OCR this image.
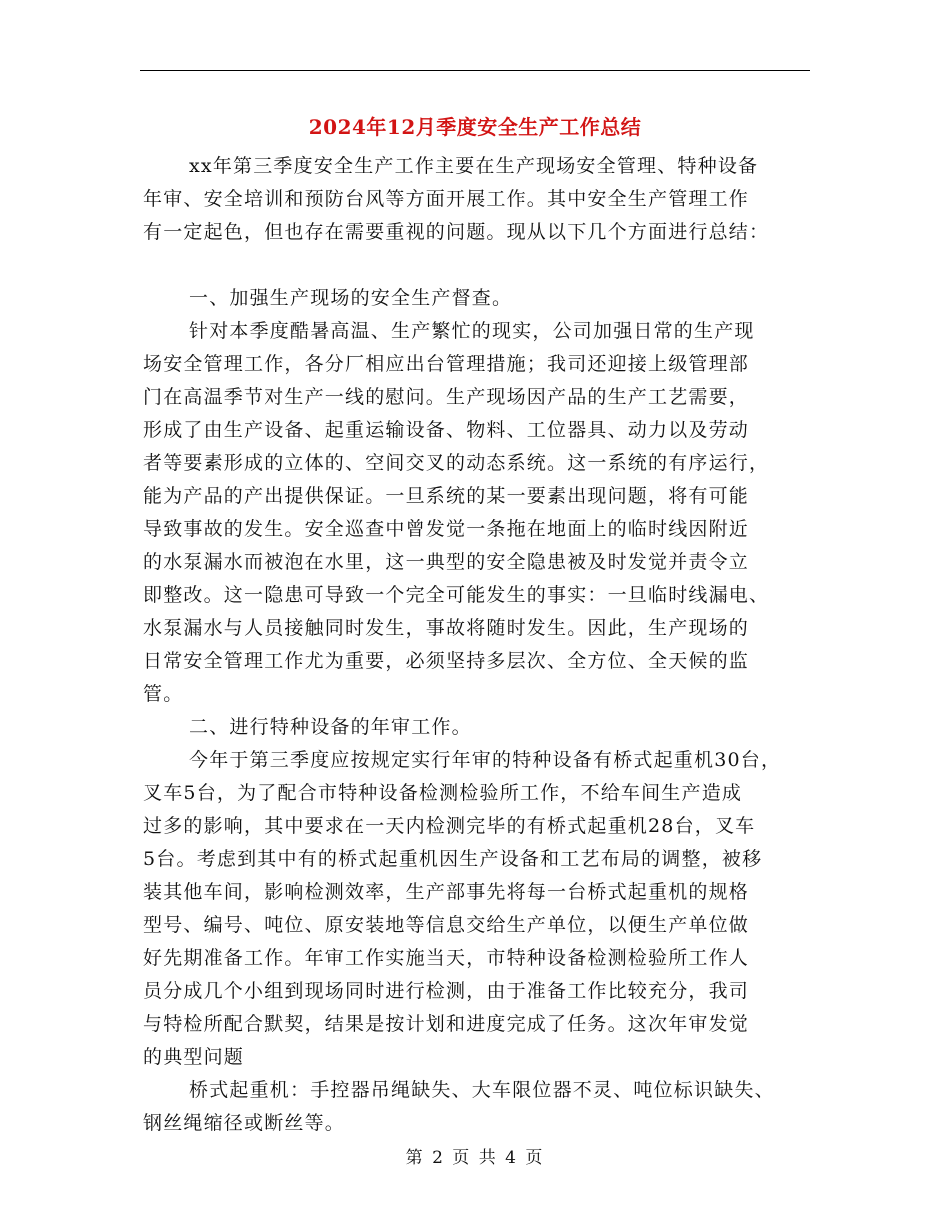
2024年12月季度安全生产工作总结
xx年第三季度安全生产工作主要在生产现场安全管理、特种设备
年审、安全培训和预防台风等方面开展工作。其中安全生产管理工作
有一定起色，但也存在需要重视的问题。现从以下几个方面进行总结：
一、加强生产现场的安全生产督查。
针对本季度酷暑高温、生产繁忙的现实，公司加强日常的生产现
场安全管理工作，各分厂相应出台管理措施；我司还迎接上级管理部
门在高温季节对生产一线的慰问。生产现场因产品的生产工艺需要，
形成了由生产设备、起重运输设备、物料、工位器具、动力以及劳动
者等要素形成的立体的、空间交叉的动态系统。这一系统的有序运行，
能为产品的产出提供保证。一旦系统的某一要素出现问题，将有可能
导致事故的发生。安全巡查中曾发觉一条拖在地面上的临时线因附近
的水泵漏水而被泡在水里，这一典型的安全隐患被及时发觉并责令立
即整改。这一隐患可导致一个完全可能发生的事实：一旦临时线漏电、
水泵漏水与人员接触同时发生，事故将随时发生。因此，生产现场的
日常安全管理工作尤为重要，必须坚持多层次、全方位、全天候的监
管。
二、进行特种设备的年审工作。
今年于第三季度应按规定实行年审的特种设备有桥式起重机30台，
叉车5台，为了配合市特种设备检测检验所工作，不给车间生产造成
过多的影响，其中要求在一天内检测完毕的有桥式起重机28台，叉车
5台。考虑到其中有的桥式起重机因生产设备和工艺布局的调整，被移
装其他车间，影响检测效率，生产部事先将每一台桥式起重机的规格
型号、编号、吨位、原安装地等信息交给生产单位，以便生产单位做
好先期准备工作。年审工作实施当天，市特种设备检测检验所工作人
员分成几个小组到现场同时进行检测，由于准备工作比较充分，我司
与特检所配合默契，结果是按计划和进度完成了任务。这次年审发觉
的典型问题
桥式起重机：手控器吊绳缺失、大车限位器不灵、吨位标识缺失、
钢丝绳缩径或断丝等。
第 2 页 共 4 页
